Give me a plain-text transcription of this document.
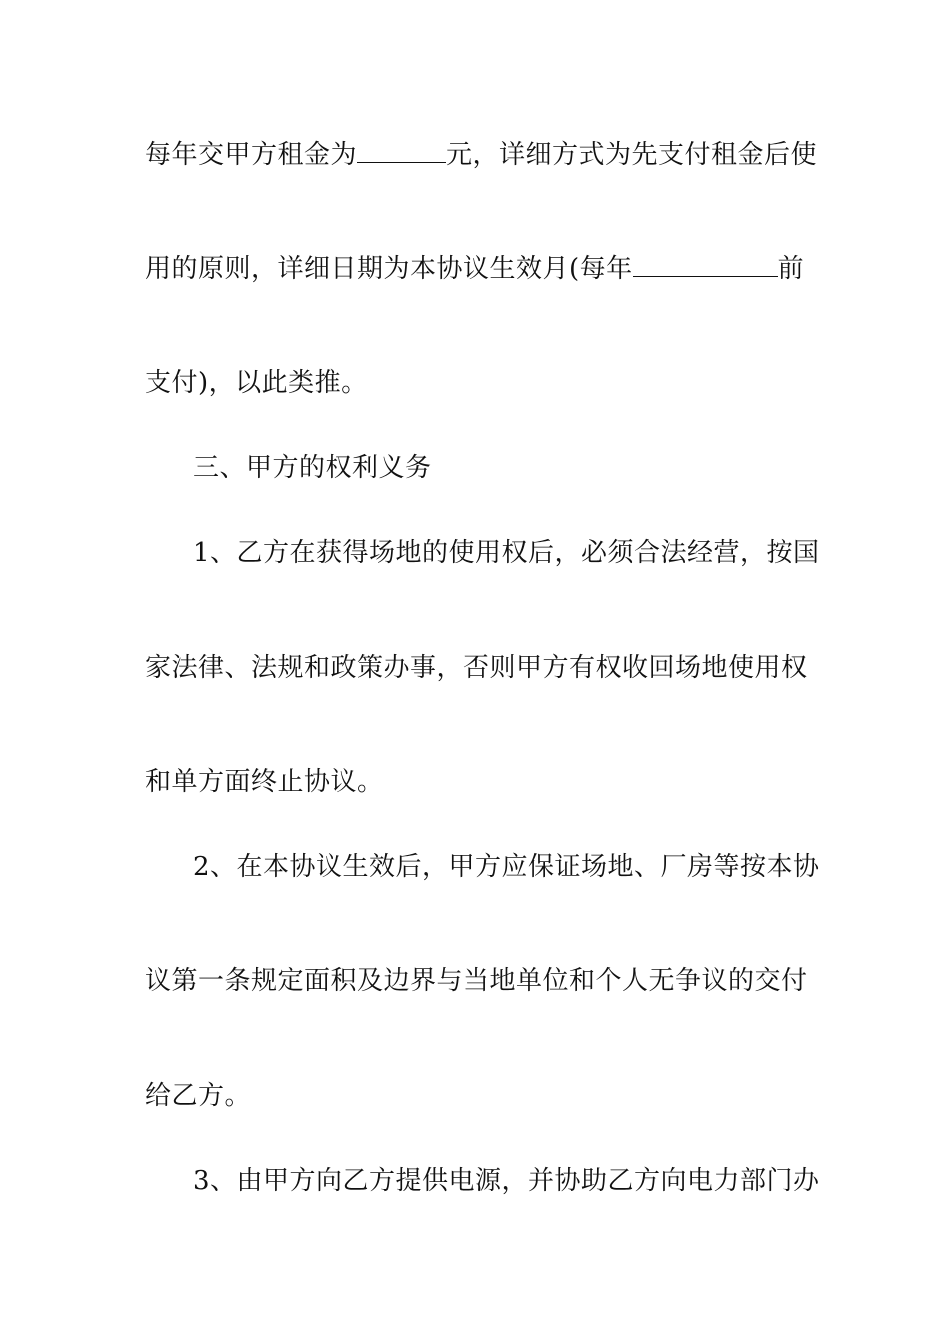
每年交甲方租金为	元，详细方式为先支付租金后使
用的原则，详细日期为本协议生效月(每年	前
支付)，以此类推。
三、甲方的权利义务
1、乙方在获得场地的使用权后，必须合法经营，按国
家法律、法规和政策办事，否则甲方有权收回场地使用权
和单方面终止协议。
2、在本协议生效后，甲方应保证场地、厂房等按本协
议第一条规定面积及边界与当地单位和个人无争议的交付
给乙方。
3、由甲方向乙方提供电源，并协助乙方向电力部门办
